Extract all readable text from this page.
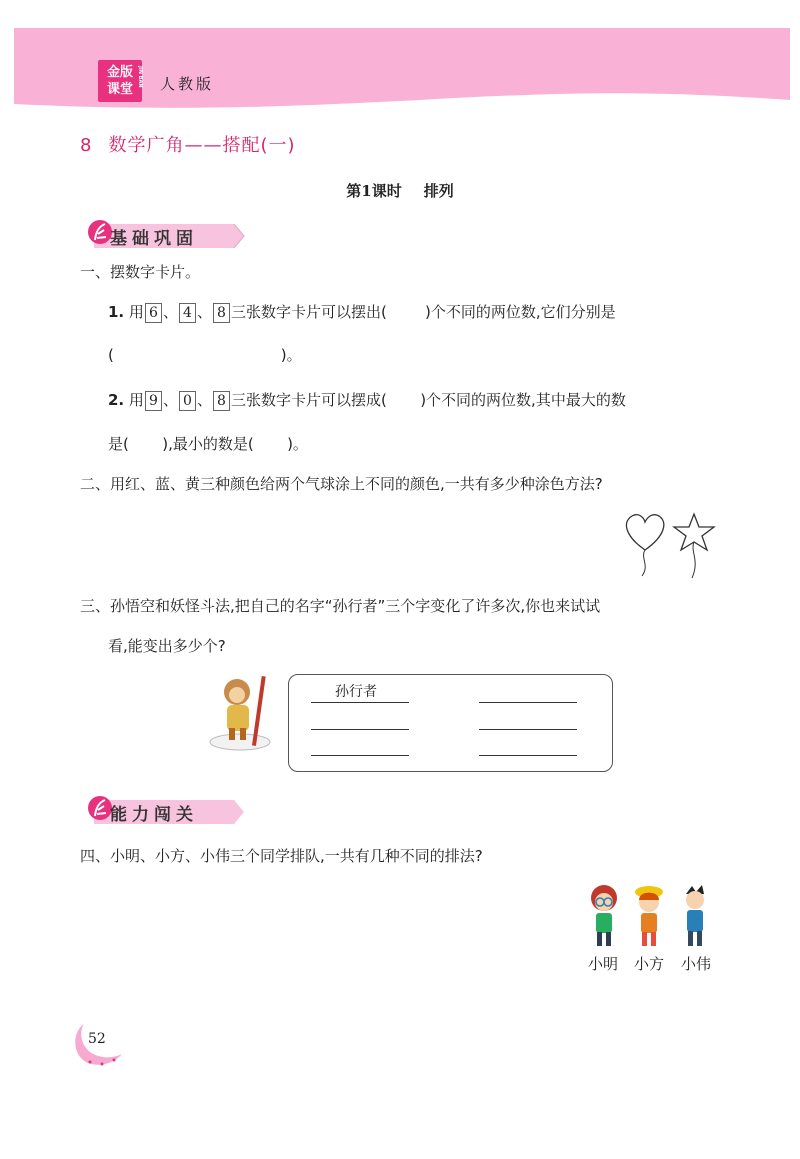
金版
课堂
JIN BAN	人教版
8 数学广角——搭配(一)
第1课时 排列
基础巩固
一、摆数字卡片。
1. 用 6 、 4 、 8 三张数字卡片可以摆出(        )个不同的两位数,它们分别是
(                                   )。
2. 用 9 、 0 、 8 三张数字卡片可以摆成(       )个不同的两位数,其中最大的数
是(       ),最小的数是(       )。
二、用红、蓝、黄三种颜色给两个气球涂上不同的颜色,一共有多少种涂色方法?
三、孙悟空和妖怪斗法,把自己的名字“孙行者”三个字变化了许多次,你也来试试
看,能变出多少个?
孙行者
能力闯关
四、小明、小方、小伟三个同学排队,一共有几种不同的排法?
小明 小方 小伟
52
